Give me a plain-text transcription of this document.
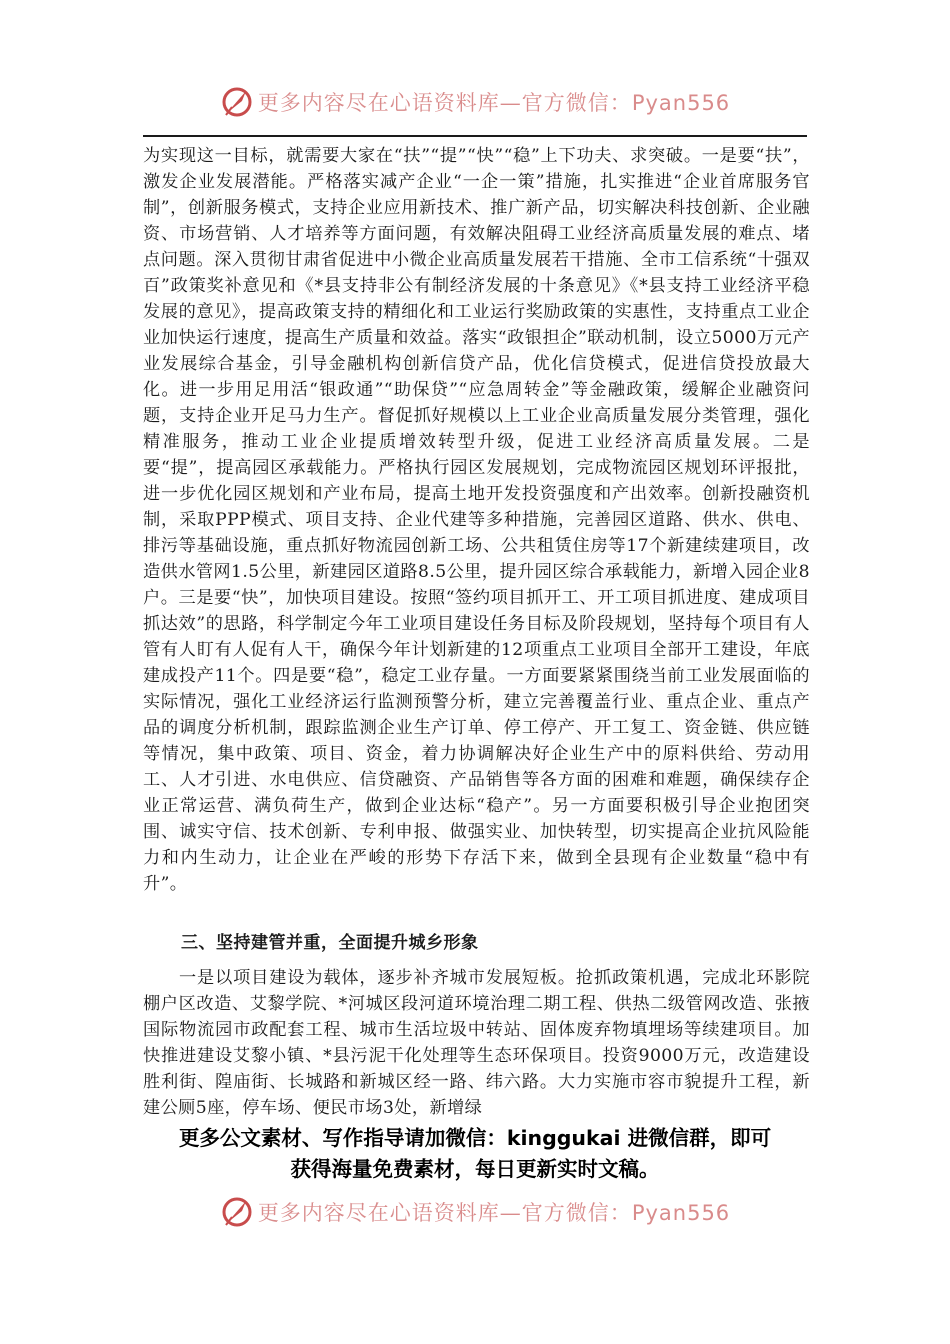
更多内容尽在心语资料库—官方微信：Pyan556

为实现这一目标，就需要大家在“扶”“提”“快”“稳”上下功夫、求突破。一是要“扶”，激发企业发展潜能。严格落实减产企业“一企一策”措施，扎实推进“企业首席服务官制”，创新服务模式，支持企业应用新技术、推广新产品，切实解决科技创新、企业融资、市场营销、人才培养等方面问题，有效解决阻碍工业经济高质量发展的难点、堵点问题。深入贯彻甘肃省促进中小微企业高质量发展若干措施、全市工信系统“十强双百”政策奖补意见和《*县支持非公有制经济发展的十条意见》《*县支持工业经济平稳发展的意见》，提高政策支持的精细化和工业运行奖励政策的实惠性，支持重点工业企业加快运行速度，提高生产质量和效益。落实“政银担企”联动机制，设立5000万元产业发展综合基金，引导金融机构创新信贷产品，优化信贷模式，促进信贷投放最大化。进一步用足用活“银政通”“助保贷”“应急周转金”等金融政策，缓解企业融资问题，支持企业开足马力生产。督促抓好规模以上工业企业高质量发展分类管理，强化精准服务，推动工业企业提质增效转型升级，促进工业经济高质量发展。二是要“提”，提高园区承载能力。严格执行园区发展规划，完成物流园区规划环评报批，进一步优化园区规划和产业布局，提高土地开发投资强度和产出效率。创新投融资机制，采取PPP模式、项目支持、企业代建等多种措施，完善园区道路、供水、供电、排污等基础设施，重点抓好物流园创新工场、公共租赁住房等17个新建续建项目，改造供水管网1.5公里，新建园区道路8.5公里，提升园区综合承载能力，新增入园企业8户。三是要“快”，加快项目建设。按照“签约项目抓开工、开工项目抓进度、建成项目抓达效”的思路，科学制定今年工业项目建设任务目标及阶段规划，坚持每个项目有人管有人盯有人促有人干，确保今年计划新建的12项重点工业项目全部开工建设，年底建成投产11个。四是要“稳”，稳定工业存量。一方面要紧紧围绕当前工业发展面临的实际情况，强化工业经济运行监测预警分析，建立完善覆盖行业、重点企业、重点产品的调度分析机制，跟踪监测企业生产订单、停工停产、开工复工、资金链、供应链等情况，集中政策、项目、资金，着力协调解决好企业生产中的原料供给、劳动用工、人才引进、水电供应、信贷融资、产品销售等各方面的困难和难题，确保续存企业正常运营、满负荷生产，做到企业达标“稳产”。另一方面要积极引导企业抱团突围、诚实守信、技术创新、专利申报、做强实业、加快转型，切实提高企业抗风险能力和内生动力，让企业在严峻的形势下存活下来，做到全县现有企业数量“稳中有升”。

三、坚持建管并重，全面提升城乡形象
一是以项目建设为载体，逐步补齐城市发展短板。抢抓政策机遇，完成北环影院棚户区改造、艾黎学院、*河城区段河道环境治理二期工程、供热二级管网改造、张掖国际物流园市政配套工程、城市生活垃圾中转站、固体废弃物填埋场等续建项目。加快推进建设艾黎小镇、*县污泥干化处理等生态环保项目。投资9000万元，改造建设胜利街、隍庙街、长城路和新城区经一路、纬六路。大力实施市容市貌提升工程，新建公厕5座，停车场、便民市场3处，新增绿
更多公文素材、写作指导请加微信：kinggukai 进微信群，即可
获得海量免费素材，每日更新实时文稿。
更多内容尽在心语资料库—官方微信：Pyan556
